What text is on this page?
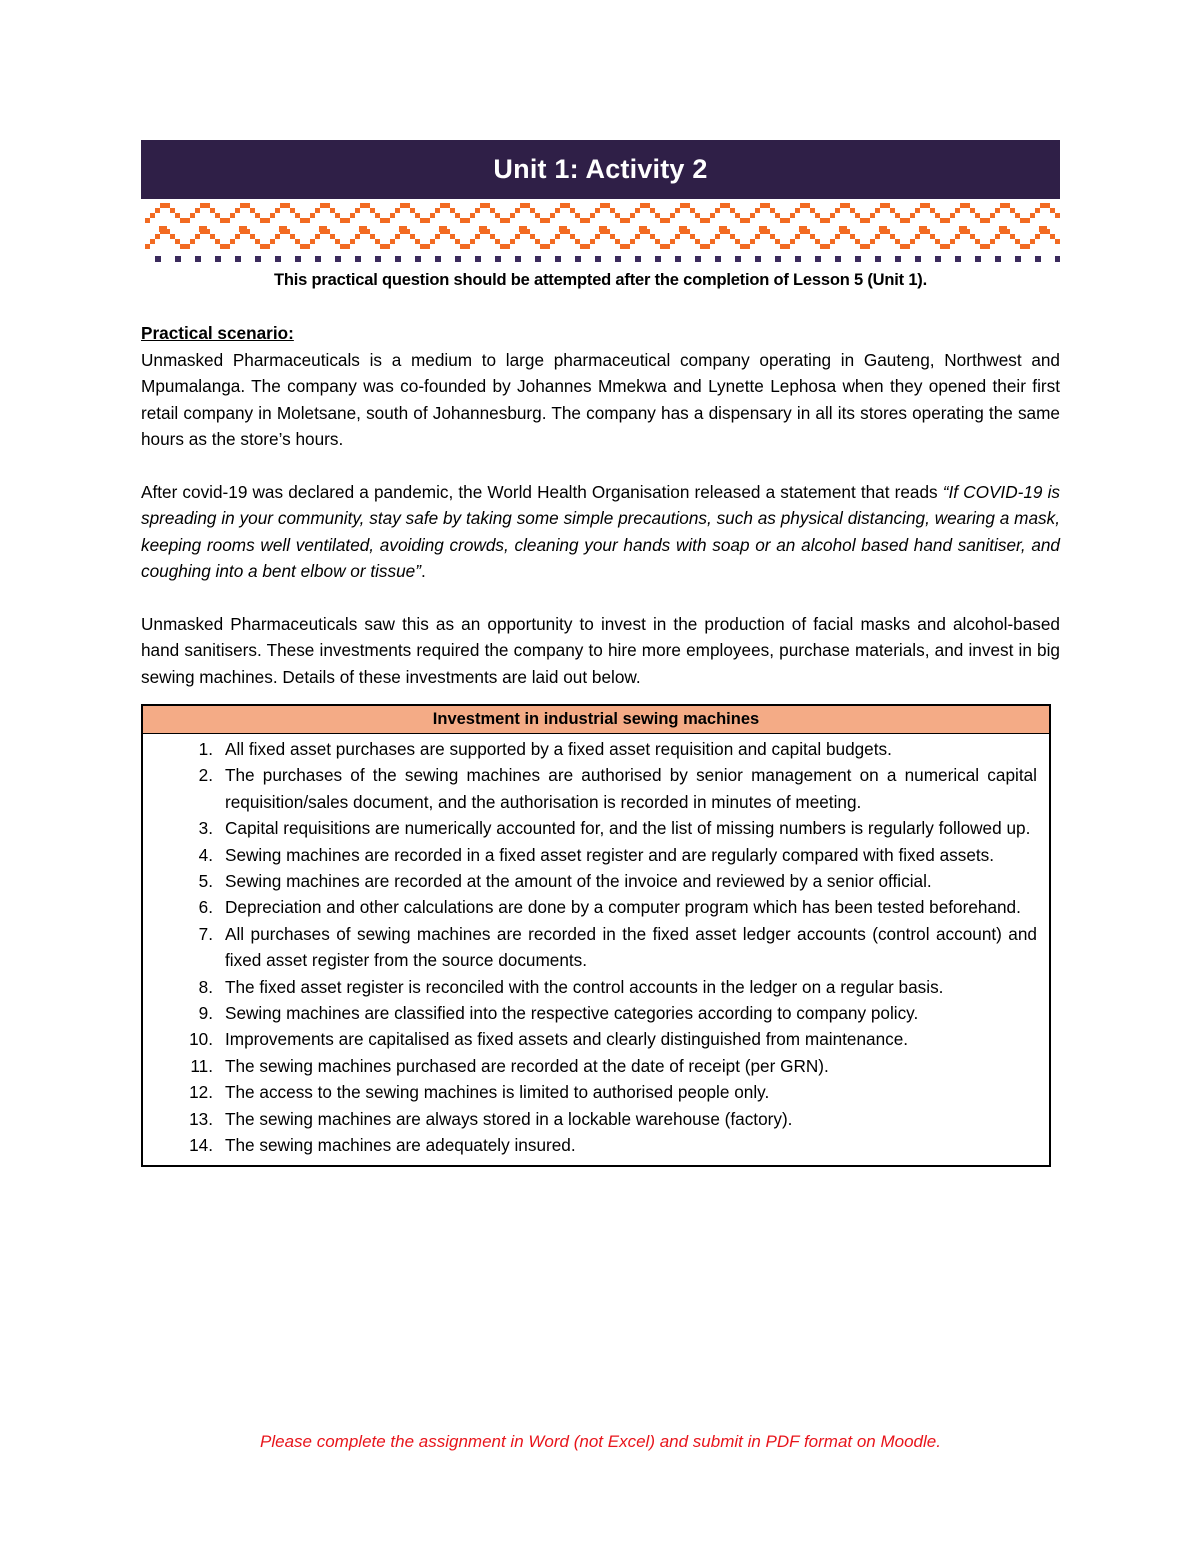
Unit 1: Activity 2
This practical question should be attempted after the completion of Lesson 5 (Unit 1).

Practical scenario:

Unmasked Pharmaceuticals is a medium to large pharmaceutical company operating in Gauteng, Northwest and Mpumalanga. The company was co-founded by Johannes Mmekwa and Lynette Lephosa when they opened their first retail company in Moletsane, south of Johannesburg. The company has a dispensary in all its stores operating the same hours as the store’s hours.

After covid-19 was declared a pandemic, the World Health Organisation released a statement that reads “If COVID-19 is spreading in your community, stay safe by taking some simple precautions, such as physical distancing, wearing a mask, keeping rooms well ventilated, avoiding crowds, cleaning your hands with soap or an alcohol based hand sanitiser, and coughing into a bent elbow or tissue”.

Unmasked Pharmaceuticals saw this as an opportunity to invest in the production of facial masks and alcohol-based hand sanitisers. These investments required the company to hire more employees, purchase materials, and invest in big sewing machines. Details of these investments are laid out below.

Investment in industrial sewing machines

1. All fixed asset purchases are supported by a fixed asset requisition and capital budgets.
2. The purchases of the sewing machines are authorised by senior management on a numerical capital requisition/sales document, and the authorisation is recorded in minutes of meeting.
3. Capital requisitions are numerically accounted for, and the list of missing numbers is regularly followed up.
4. Sewing machines are recorded in a fixed asset register and are regularly compared with fixed assets.
5. Sewing machines are recorded at the amount of the invoice and reviewed by a senior official.
6. Depreciation and other calculations are done by a computer program which has been tested beforehand.
7. All purchases of sewing machines are recorded in the fixed asset ledger accounts (control account) and fixed asset register from the source documents.
8. The fixed asset register is reconciled with the control accounts in the ledger on a regular basis.
9. Sewing machines are classified into the respective categories according to company policy.
10. Improvements are capitalised as fixed assets and clearly distinguished from maintenance.
11. The sewing machines purchased are recorded at the date of receipt (per GRN).
12. The access to the sewing machines is limited to authorised people only.
13. The sewing machines are always stored in a lockable warehouse (factory).
14. The sewing machines are adequately insured.
Please complete the assignment in Word (not Excel) and submit in PDF format on Moodle.
